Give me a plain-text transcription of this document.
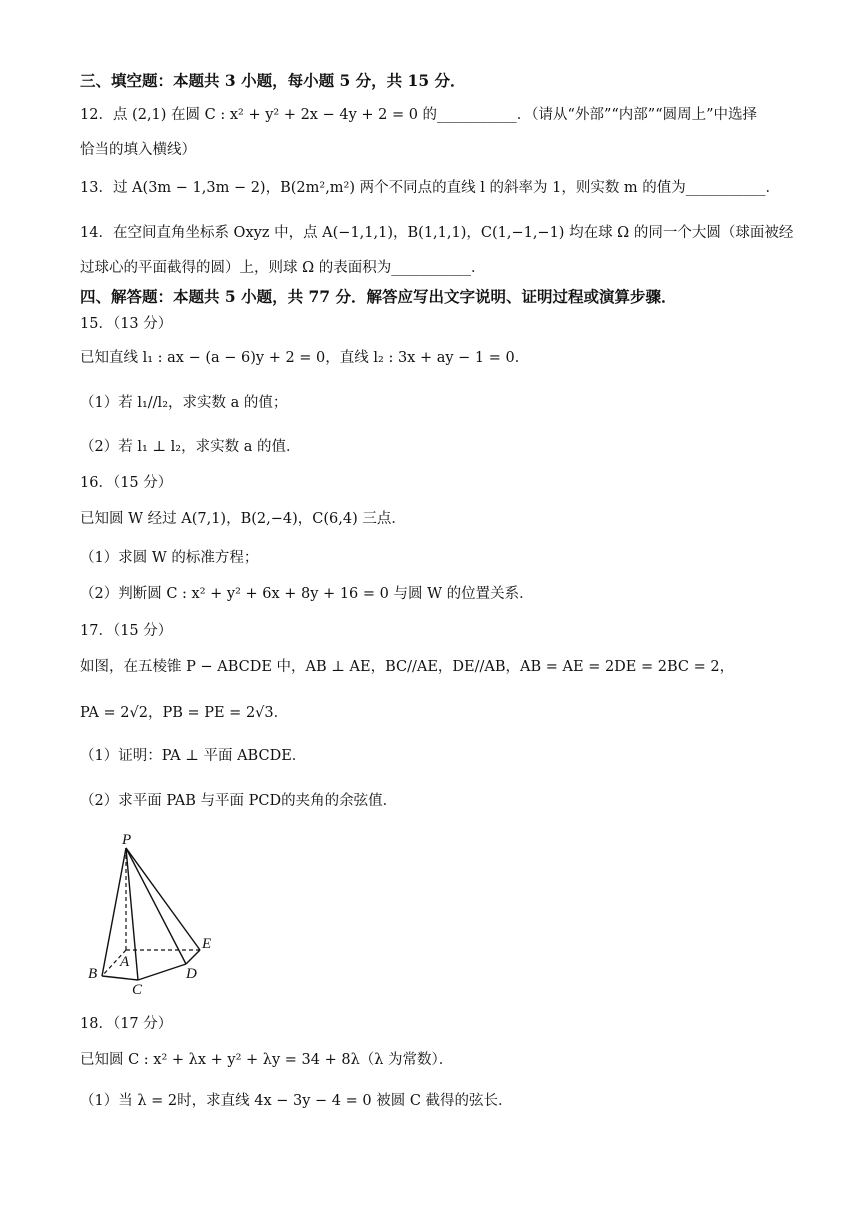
三、填空题：本题共 3 小题，每小题 5 分，共 15 分．
12．点 (2,1) 在圆 C : x² + y² + 2x − 4y + 2 = 0 的___________．（请从“外部”“内部”“圆周上”中选择
恰当的填入横线）
13．过 A(3m − 1,3m − 2)，B(2m²,m²) 两个不同点的直线 l 的斜率为 1，则实数 m 的值为___________．
14．在空间直角坐标系 Oxyz 中，点 A(−1,1,1)，B(1,1,1)，C(1,−1,−1) 均在球 Ω 的同一个大圆（球面被经
过球心的平面截得的圆）上，则球 Ω 的表面积为___________．
四、解答题：本题共 5 小题，共 77 分．解答应写出文字说明、证明过程或演算步骤．
15．（13 分）
已知直线 l₁ : ax − (a − 6)y + 2 = 0，直线 l₂ : 3x + ay − 1 = 0．
（1）若 l₁//l₂，求实数 a 的值；
（2）若 l₁ ⊥ l₂，求实数 a 的值．
16．（15 分）
已知圆 W 经过 A(7,1)，B(2,−4)，C(6,4) 三点．
（1）求圆 W 的标准方程；
（2）判断圆 C : x² + y² + 6x + 8y + 16 = 0 与圆 W 的位置关系．
17．（15 分）
如图，在五棱锥 P − ABCDE 中，AB ⊥ AE，BC//AE，DE//AB，AB = AE = 2DE = 2BC = 2，
PA = 2√2，PB = PE = 2√3．
（1）证明：PA ⊥ 平面 ABCDE．
（2）求平面 PAB 与平面 PCD的夹角的余弦值．
P
A
B
C
D
E
18．（17 分）
已知圆 C : x² + λx + y² + λy = 34 + 8λ（λ 为常数）．
（1）当 λ = 2时，求直线 4x − 3y − 4 = 0 被圆 C 截得的弦长．
